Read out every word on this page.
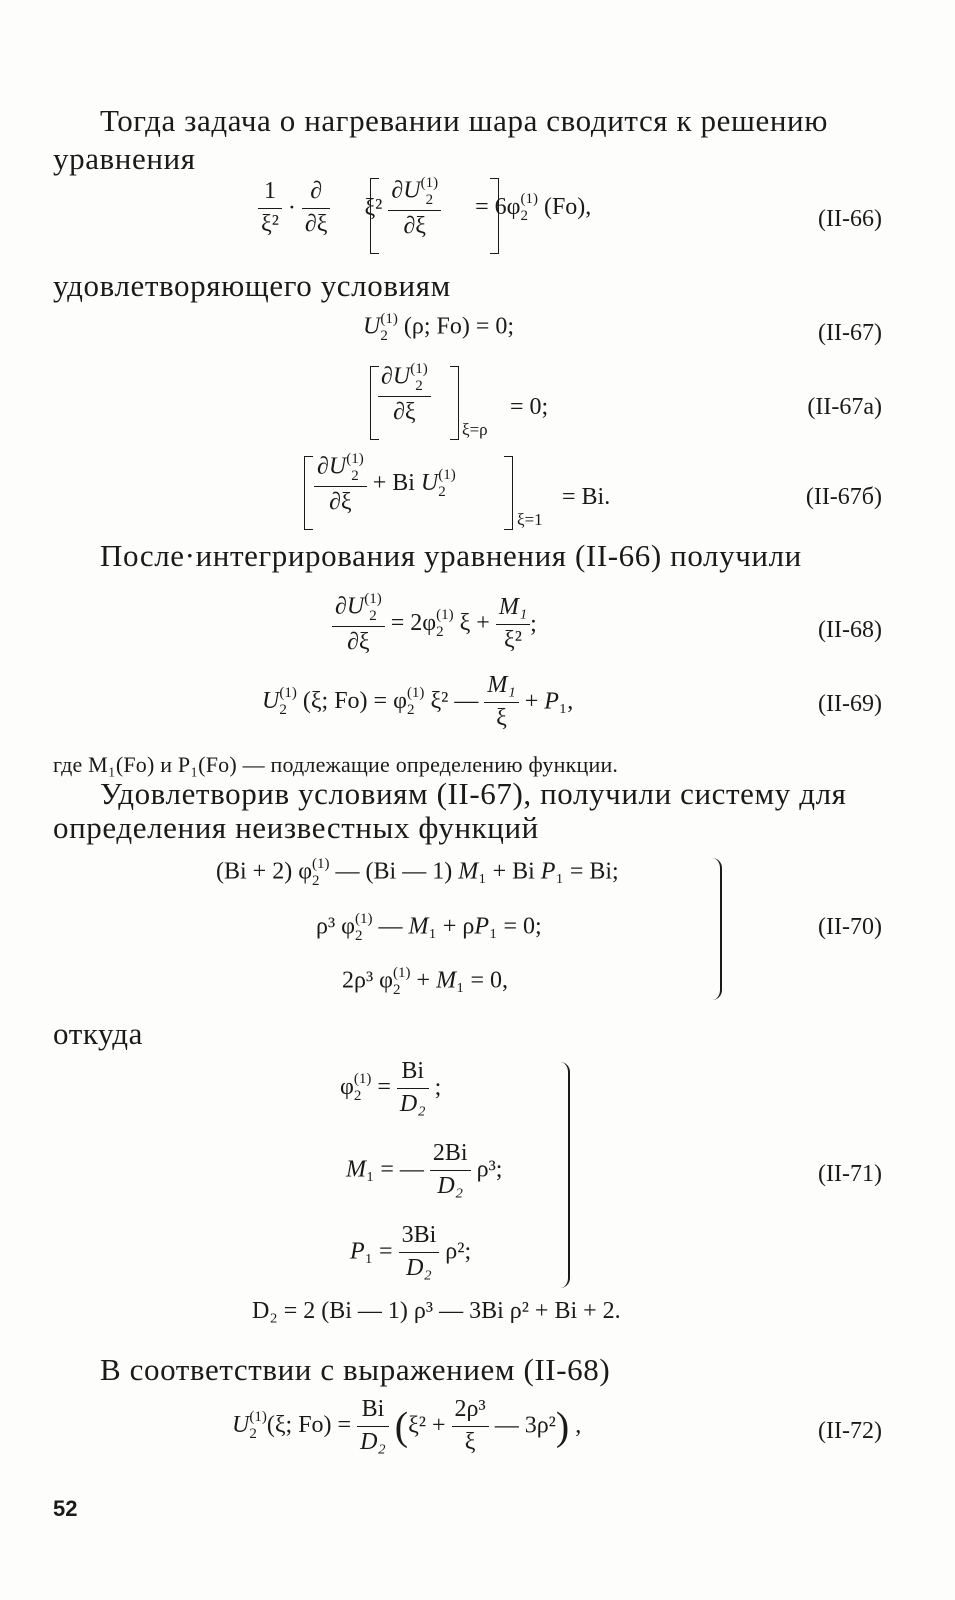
Тогда задача о нагревании шара сводится к решению
уравнения
$\frac{1}{\text{ξ²}} \cdot \frac{\partial}{\partial\xi} \xi^2$ ∂U (1)
2
∂ξ = 6φ (1)
2 (Fo),	(II-66)
удовлетворяющего условиям
U (1)
2 (ρ; Fo) = 0;	(II-67)
∂U (1)
2
∂ξ
ξ=ρ
= 0;	(II-67а)
∂U (1)
2
∂ξ + Bi U (1)
2
ξ=1
= Bi.	(II-67б)
После·интегрирования уравнения (II-66) получили
∂U (1)
2
∂ξ = 2φ (1)
2 $\xi + \frac{\text{M₁}}{\text{ξ²}}$ ;	(II-68)
U (1)
2 (ξ; Fo) = φ (1)
2 ξ² — $\frac{\text{M₁}}{\xi} + P_1$,	(II-69)
где M₁(Fo) и P₁(Fo) — подлежащие определению функции.
Удовлетворив условиям (II-67), получили систему для
определения неизвестных функций
(Bi + 2) φ (1)
2 — (Bi — 1) M₁ + Bi P₁ = Bi;
ρ³ φ (1)
2 — M₁ + ρP₁ = 0;
2ρ³ φ (1)
2 + M₁ = 0,
(II-70)
откуда
φ (1)
$2 = \frac{Bi}{\text{D₂}}$ ;
M₁ = — $\frac{2Bi}{\text{D₂}} \rho^3$;
$P_1 = \frac{3Bi}{\text{D₂}} \rho^2$;
(II-71)
D₂ = 2 (Bi — 1) ρ³ — 3Bi ρ² + Bi + 2.
В соответствии с выражением (II-68)
U (1)
2 (ξ; $Fo) = \frac{Bi}{\text{D₂}} (\xi^2 + \frac{\text{2ρ³}}{\xi}$ — 3ρ²) ,	(II-72)
52
